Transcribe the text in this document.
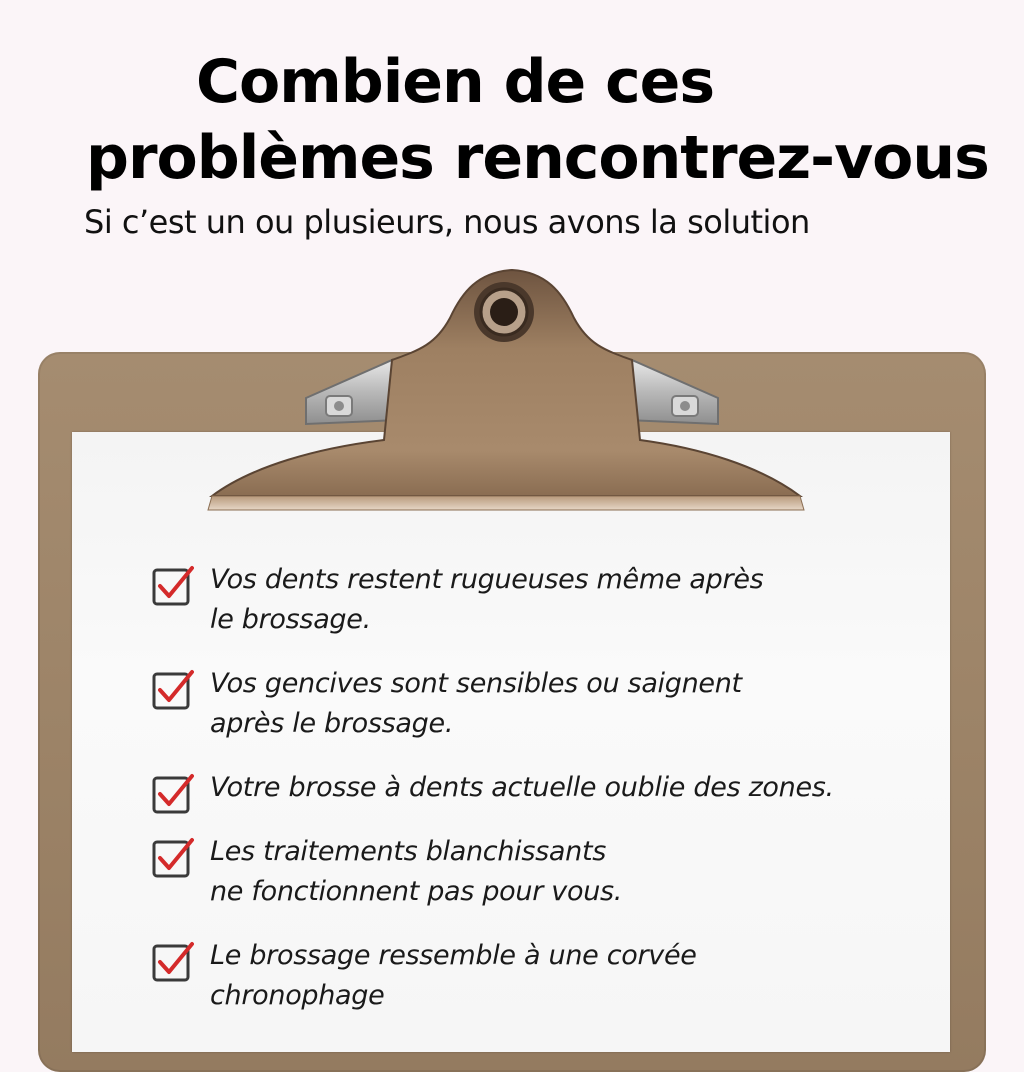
Combien de ces
problèmes rencontrez-vous

Si c’est un ou plusieurs, nous avons la solution

Vos dents restent rugueuses même après
le brossage.
Vos gencives sont sensibles ou saignent
après le brossage.
Votre brosse à dents actuelle oublie des zones.
Les traitements blanchissants
ne fonctionnent pas pour vous.
Le brossage ressemble à une corvée
chronophage
